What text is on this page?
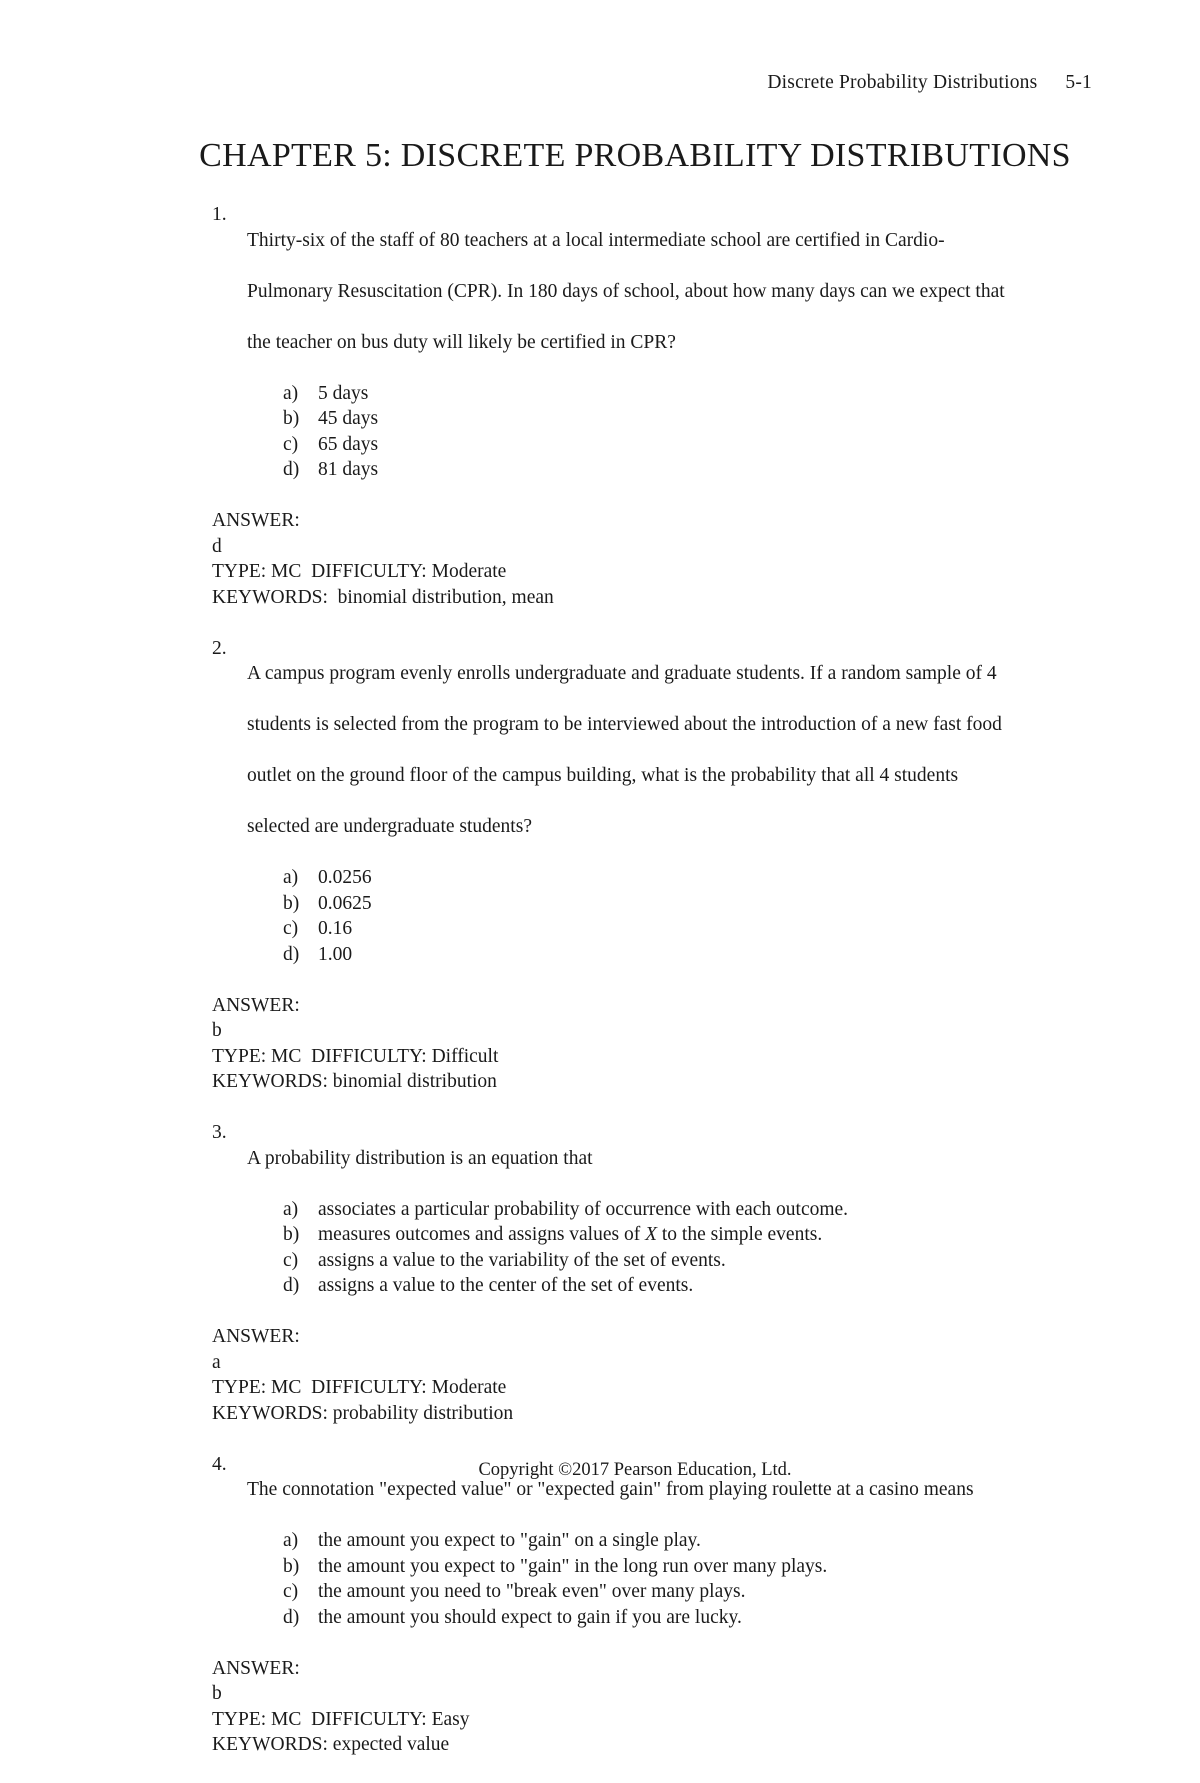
Discrete Probability Distributions 5-1
CHAPTER 5: DISCRETE PROBABILITY DISTRIBUTIONS
1.

Thirty-six of the staff of 80 teachers at a local intermediate school are certified in Cardio-

Pulmonary Resuscitation (CPR). In 180 days of school, about how many days can we expect that

the teacher on bus duty will likely be certified in CPR?

a) 5 days
b) 45 days
c) 65 days
d) 81 days
ANSWER:
d
TYPE: MC  DIFFICULTY: Moderate
KEYWORDS:  binomial distribution, mean
2.

A campus program evenly enrolls undergraduate and graduate students. If a random sample of 4

students is selected from the program to be interviewed about the introduction of a new fast food

outlet on the ground floor of the campus building, what is the probability that all 4 students

selected are undergraduate students?

a) 0.0256
b) 0.0625
c) 0.16
d) 1.00
ANSWER:
b
TYPE: MC  DIFFICULTY: Difficult
KEYWORDS: binomial distribution
3.

A probability distribution is an equation that

a) associates a particular probability of occurrence with each outcome.
b) measures outcomes and assigns values of X to the simple events.
c) assigns a value to the variability of the set of events.
d) assigns a value to the center of the set of events.
ANSWER:
a
TYPE: MC  DIFFICULTY: Moderate
KEYWORDS: probability distribution
4.

The connotation "expected value" or "expected gain" from playing roulette at a casino means

a) the amount you expect to "gain" on a single play.
b) the amount you expect to "gain" in the long run over many plays.
c) the amount you need to "break even" over many plays.
d) the amount you should expect to gain if you are lucky.
ANSWER:
b
TYPE: MC  DIFFICULTY: Easy
KEYWORDS: expected value
Copyright ©2017 Pearson Education, Ltd.
